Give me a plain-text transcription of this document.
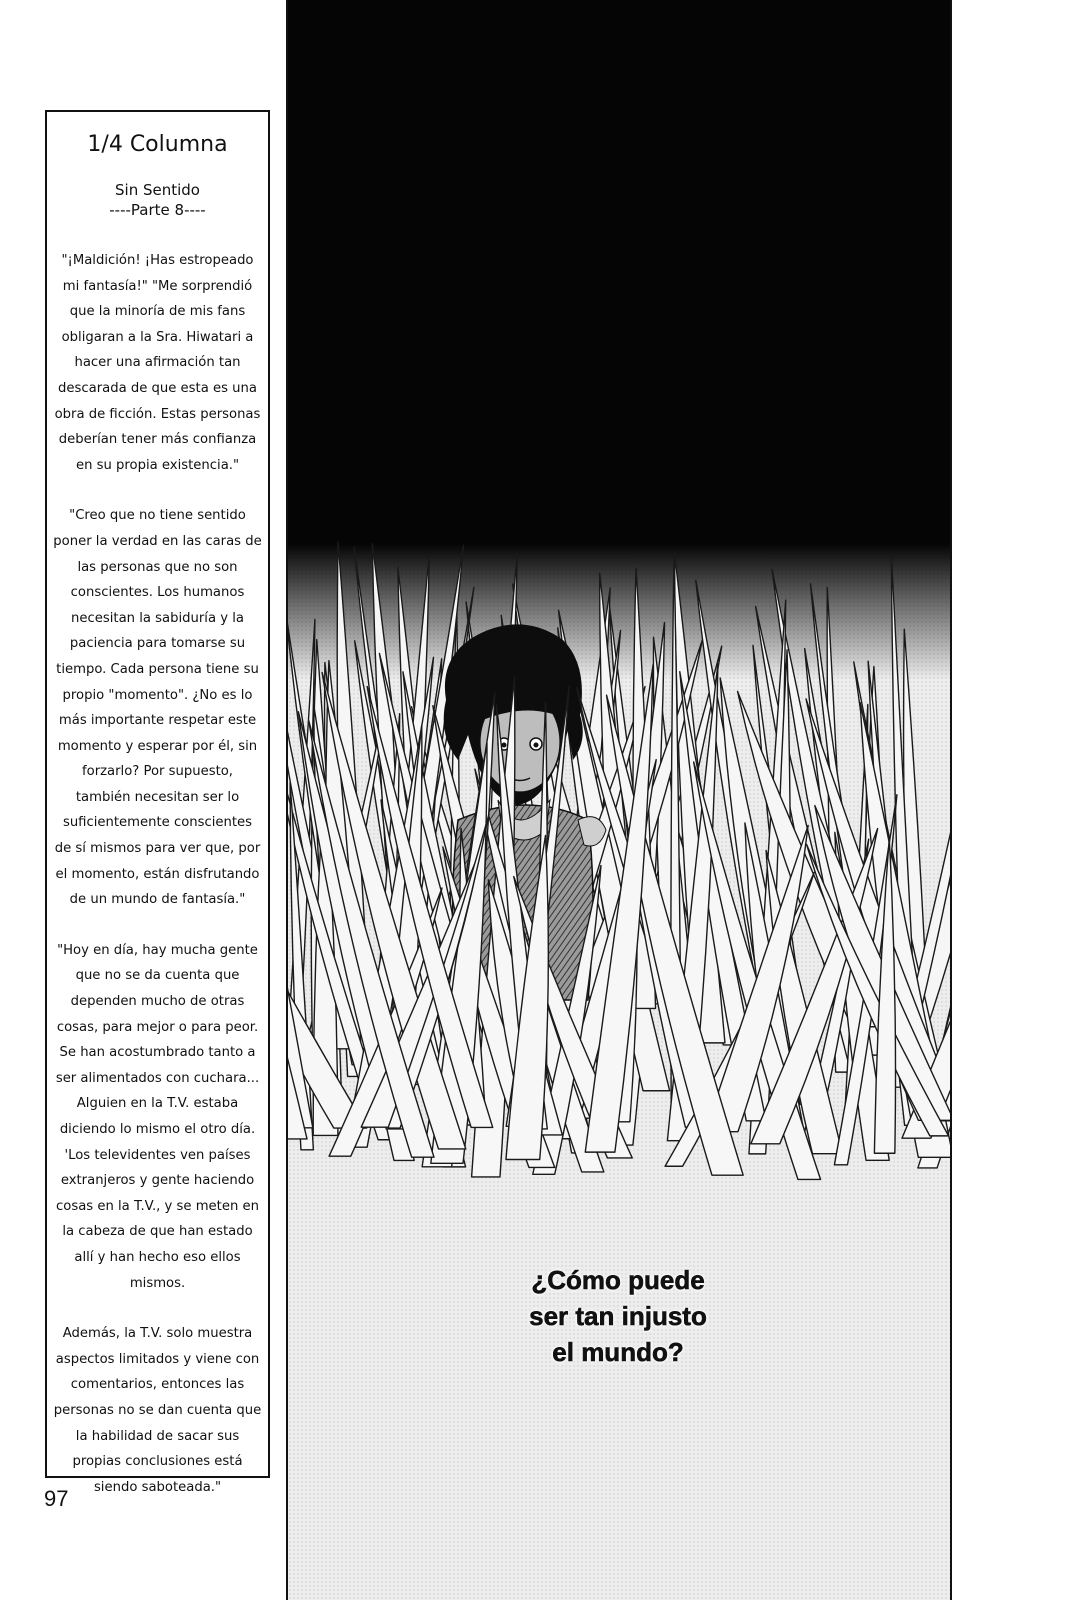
1/4 Columna
Sin Sentido
----Parte 8----

"¡Maldición! ¡Has estropeado mi fantasía!" "Me sorprendió que la minoría de mis fans obligaran a la Sra. Hiwatari a hacer una afirmación tan descarada de que esta es una obra de ficción. Estas personas deberían tener más confianza en su propia existencia."

"Creo que no tiene sentido poner la verdad en las caras de las personas que no son conscientes. Los humanos necesitan la sabiduría y la paciencia para tomarse su tiempo. Cada persona tiene su propio "momento". ¿No es lo más importante respetar este momento y esperar por él, sin forzarlo? Por supuesto, también necesitan ser lo suficientemente conscientes de sí mismos para ver que, por el momento, están disfrutando de un mundo de fantasía."

"Hoy en día, hay mucha gente que no se da cuenta que dependen mucho de otras cosas, para mejor o para peor. Se han acostumbrado tanto a ser alimentados con cuchara... Alguien en la T.V. estaba diciendo lo mismo el otro día. 'Los televidentes ven países extranjeros y gente haciendo cosas en la T.V., y se meten en la cabeza de que han estado allí y han hecho eso ellos mismos.

Además, la T.V. solo muestra aspectos limitados y viene con comentarios, entonces las personas no se dan cuenta que la habilidad de sacar sus propias conclusiones está siendo saboteada."

97
¿Cómo puede
ser tan injusto
el mundo?
